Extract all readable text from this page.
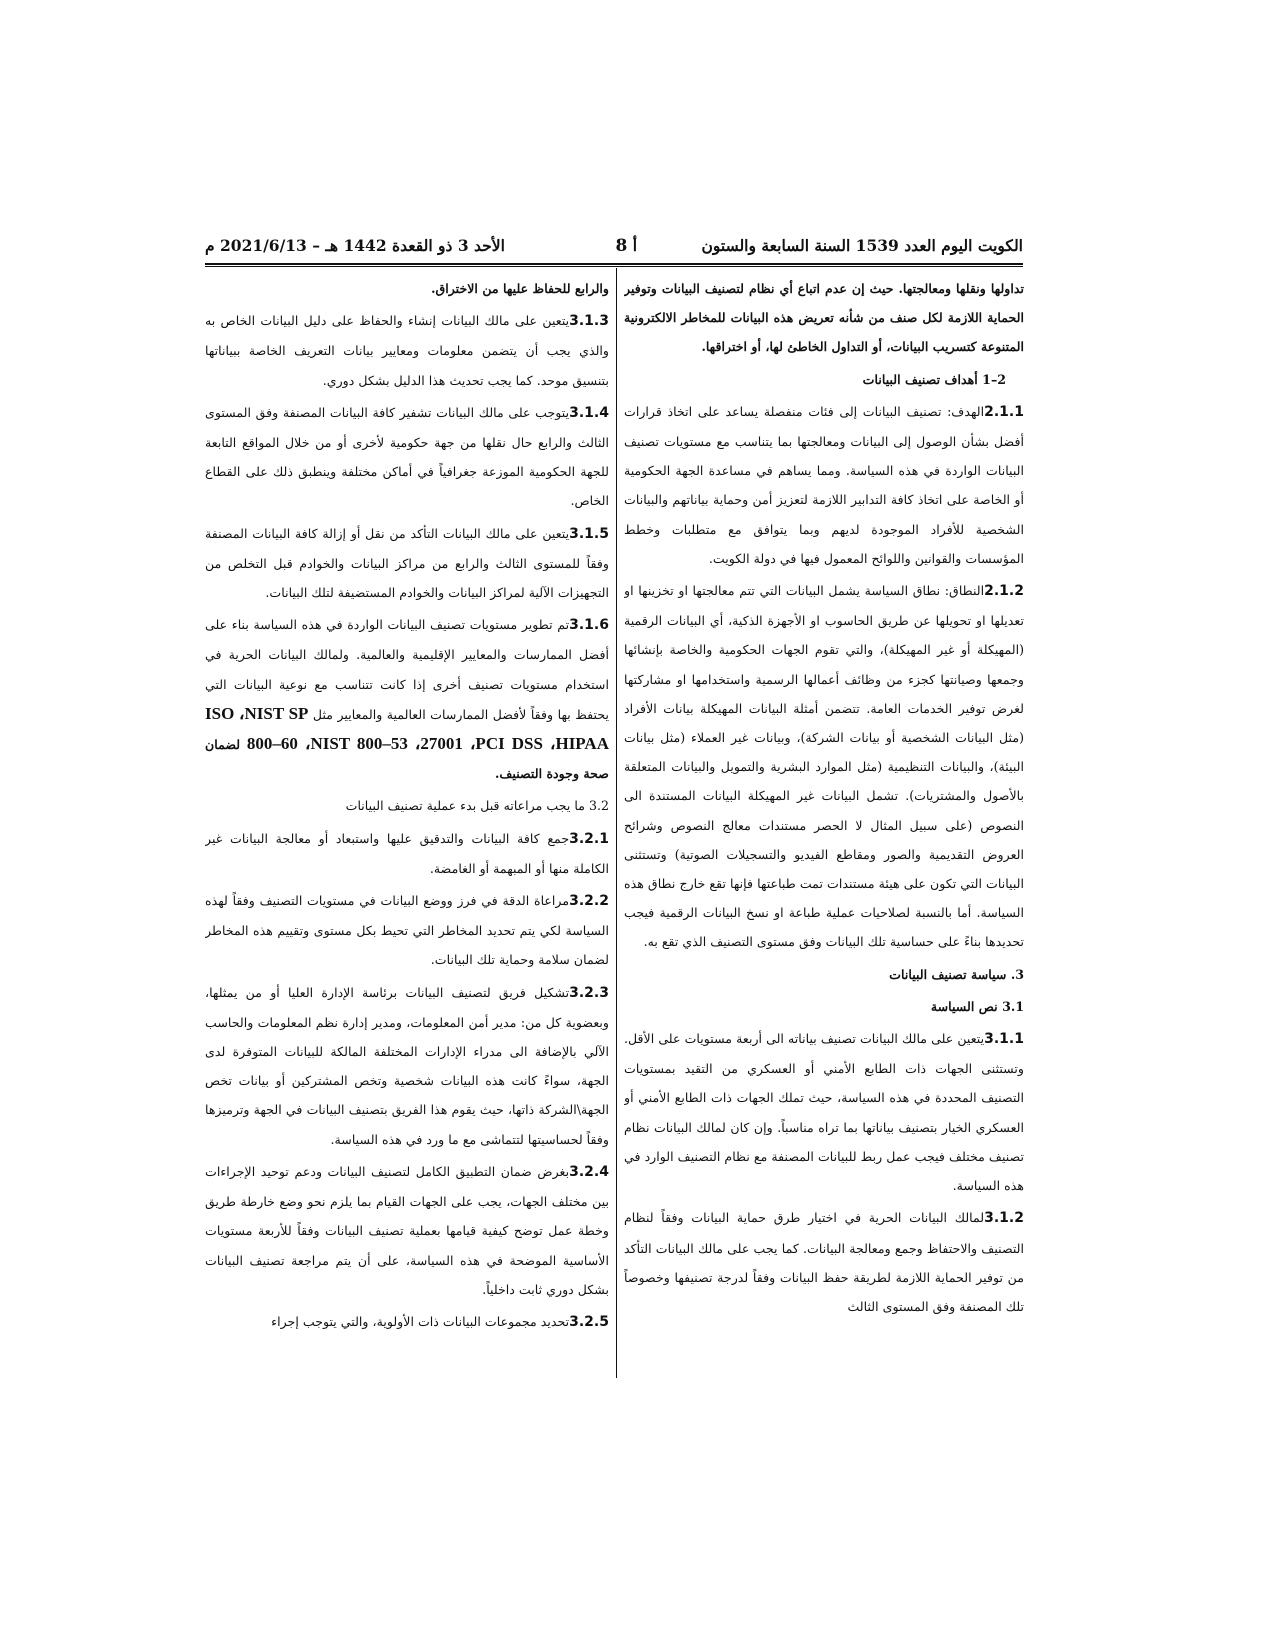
الكويت اليوم العدد 1539 السنة السابعة والستون
أ 8
الأحد 3 ذو القعدة 1442 هـ – 2021/6/13 م

تداولها ونقلها ومعالجتها. حيث إن عدم اتباع أي نظام لتصنيف البيانات وتوفير الحماية اللازمة لكل صنف من شأنه تعريض هذه البيانات للمخاطر الالكترونية المتنوعة كتسريب البيانات، أو التداول الخاطئ لها، أو اختراقها.

2–1 أهداف تصنيف البيانات

2.1.1الهدف: تصنيف البيانات إلى فئات منفصلة يساعد على اتخاذ قرارات أفضل بشأن الوصول إلى البيانات ومعالجتها بما يتناسب مع مستويات تصنيف البيانات الواردة في هذه السياسة. ومما يساهم في مساعدة الجهة الحكومية أو الخاصة على اتخاذ كافة التدابير اللازمة لتعزيز أمن وحماية بياناتهم والبيانات الشخصية للأفراد الموجودة لديهم وبما يتوافق مع متطلبات وخطط المؤسسات والقوانين واللوائح المعمول فيها في دولة الكويت.

2.1.2النطاق: نطاق السياسة يشمل البيانات التي تتم معالجتها او تخزينها او تعديلها او تحويلها عن طريق الحاسوب او الأجهزة الذكية، أي البيانات الرقمية (المهيكلة أو غير المهيكلة)، والتي تقوم الجهات الحكومية والخاصة بإنشائها وجمعها وصيانتها كجزء من وظائف أعمالها الرسمية واستخدامها او مشاركتها لغرض توفير الخدمات العامة. تتضمن أمثلة البيانات المهيكلة بيانات الأفراد (مثل البيانات الشخصية أو بيانات الشركة)، وبيانات غير العملاء (مثل بيانات البيئة)، والبيانات التنظيمية (مثل الموارد البشرية والتمويل والبيانات المتعلقة بالأصول والمشتريات). تشمل البيانات غير المهيكلة البيانات المستندة الى النصوص (على سبيل المثال لا الحصر مستندات معالج النصوص وشرائح العروض التقديمية والصور ومقاطع الفيديو والتسجيلات الصوتية) وتستثنى البيانات التي تكون على هيئة مستندات تمت طباعتها فإنها تقع خارج نطاق هذه السياسة. أما بالنسبة لصلاحيات عملية طباعة او نسخ البيانات الرقمية فيجب تحديدها بناءً على حساسية تلك البيانات وفق مستوى التصنيف الذي تقع به.

3. سياسة تصنيف البيانات

3.1 نص السياسة

3.1.1يتعين على مالك البيانات تصنيف بياناته الى أربعة مستويات على الأقل. وتستثنى الجهات ذات الطابع الأمني أو العسكري من التقيد بمستويات التصنيف المحددة في هذه السياسة، حيث تملك الجهات ذات الطابع الأمني أو العسكري الخيار بتصنيف بياناتها بما تراه مناسباً. وإن كان لمالك البيانات نظام تصنيف مختلف فيجب عمل ربط للبيانات المصنفة مع نظام التصنيف الوارد في هذه السياسة.

3.1.2لمالك البيانات الحرية في اختيار طرق حماية البيانات وفقاً لنظام التصنيف والاحتفاظ وجمع ومعالجة البيانات. كما يجب على مالك البيانات التأكد من توفير الحماية اللازمة لطريقة حفظ البيانات وفقاً لدرجة تصنيفها وخصوصاً تلك المصنفة وفق المستوى الثالث

والرابع للحفاظ عليها من الاختراق.

3.1.3يتعين على مالك البيانات إنشاء والحفاظ على دليل البيانات الخاص به والذي يجب أن يتضمن معلومات ومعايير بيانات التعريف الخاصة ببياناتها بتنسيق موحد. كما يجب تحديث هذا الدليل بشكل دوري.

3.1.4يتوجب على مالك البيانات تشفير كافة البيانات المصنفة وفق المستوى الثالث والرابع حال نقلها من جهة حكومية لأخرى أو من خلال المواقع التابعة للجهة الحكومية الموزعة جغرافياً في أماكن مختلفة وينطبق ذلك على القطاع الخاص.

3.1.5يتعين على مالك البيانات التأكد من نقل أو إزالة كافة البيانات المصنفة وفقاً للمستوى الثالث والرابع من مراكز البيانات والخوادم قبل التخلص من التجهيزات الآلية لمراكز البيانات والخوادم المستضيفة لتلك البيانات.

3.1.6تم تطوير مستويات تصنيف البيانات الواردة في هذه السياسة بناء على أفضل الممارسات والمعايير الإقليمية والعالمية. ولمالك البيانات الحرية في استخدام مستويات تصنيف أخرى إذا كانت تتناسب مع نوعية البيانات التي يحتفظ بها وفقاً لأفضل الممارسات العالمية والمعايير مثل ISO ،NIST SP 800–60 ،NIST 800–53 ،27001 ،PCI DSS ،HIPAA لضمان صحة وجودة التصنيف.

3.2 ما يجب مراعاته قبل بدء عملية تصنيف البيانات

3.2.1جمع كافة البيانات والتدقيق عليها واستبعاد أو معالجة البيانات غير الكاملة منها أو المبهمة أو الغامضة.

3.2.2مراعاة الدقة في فرز ووضع البيانات في مستويات التصنيف وفقاً لهذه السياسة لكي يتم تحديد المخاطر التي تحيط بكل مستوى وتقييم هذه المخاطر لضمان سلامة وحماية تلك البيانات.

3.2.3تشكيل فريق لتصنيف البيانات برئاسة الإدارة العليا أو من يمثلها، وبعضوية كل من: مدير أمن المعلومات، ومدير إدارة نظم المعلومات والحاسب الآلي بالإضافة الى مدراء الإدارات المختلفة المالكة للبيانات المتوفرة لدى الجهة، سواءً كانت هذه البيانات شخصية وتخص المشتركين أو بيانات تخص الجهة\الشركة ذاتها، حيث يقوم هذا الفريق بتصنيف البيانات في الجهة وترميزها وفقاً لحساسيتها لتتماشى مع ما ورد في هذه السياسة.

3.2.4بغرض ضمان التطبيق الكامل لتصنيف البيانات ودعم توحيد الإجراءات بين مختلف الجهات، يجب على الجهات القيام بما يلزم نحو وضع خارطة طريق وخطة عمل توضح كيفية قيامها بعملية تصنيف البيانات وفقاً للأربعة مستويات الأساسية الموضحة في هذه السياسة، على أن يتم مراجعة تصنيف البيانات بشكل دوري ثابت داخلياً.

3.2.5تحديد مجموعات البيانات ذات الأولوية، والتي يتوجب إجراء
